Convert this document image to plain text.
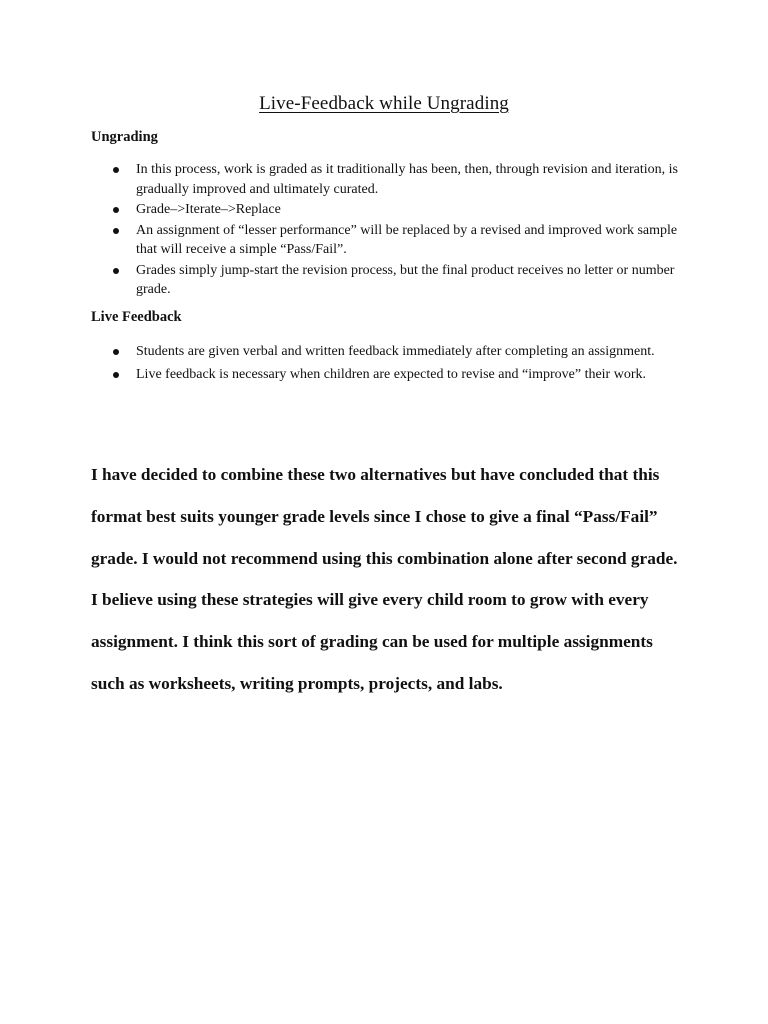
Live-Feedback while Ungrading
Ungrading
In this process, work is graded as it traditionally has been, then, through revision and iteration, is gradually improved and ultimately curated.
Grade–>Iterate–>Replace
An assignment of “lesser performance” will be replaced by a revised and improved work sample that will receive a simple “Pass/Fail”.
Grades simply jump-start the revision process, but the final product receives no letter or number grade.
Live Feedback
Students are given verbal and written feedback immediately after completing an assignment.
Live feedback is necessary when children are expected to revise and “improve” their work.

I have decided to combine these two alternatives but have concluded that this format best suits younger grade levels since I chose to give a final “Pass/Fail” grade. I would not recommend using this combination alone after second grade. I believe using these strategies will give every child room to grow with every assignment. I think this sort of grading can be used for multiple assignments such as worksheets, writing prompts, projects, and labs.
